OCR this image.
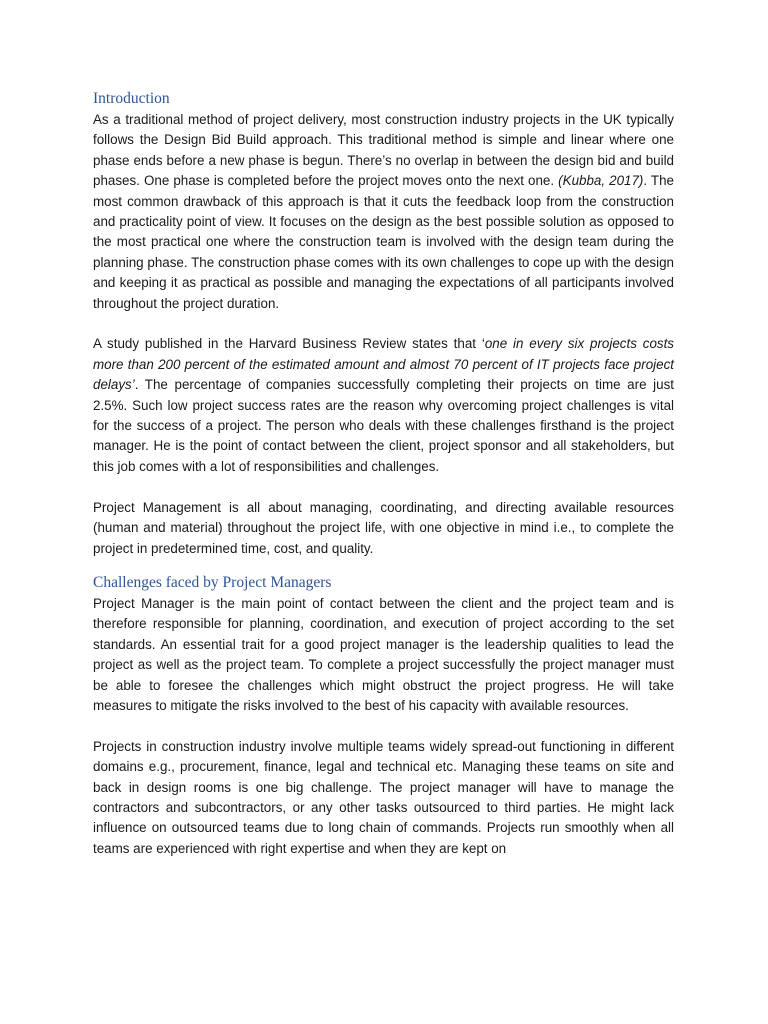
Introduction

As a traditional method of project delivery, most construction industry projects in the UK typically follows the Design Bid Build approach. This traditional method is simple and linear where one phase ends before a new phase is begun. There’s no overlap in between the design bid and build phases. One phase is completed before the project moves onto the next one. (Kubba, 2017). The most common drawback of this approach is that it cuts the feedback loop from the construction and practicality point of view. It focuses on the design as the best possible solution as opposed to the most practical one where the construction team is involved with the design team during the planning phase. The construction phase comes with its own challenges to cope up with the design and keeping it as practical as possible and managing the expectations of all participants involved throughout the project duration.

A study published in the Harvard Business Review states that ‘one in every six projects costs more than 200 percent of the estimated amount and almost 70 percent of IT projects face project delays’. The percentage of companies successfully completing their projects on time are just 2.5%. Such low project success rates are the reason why overcoming project challenges is vital for the success of a project. The person who deals with these challenges firsthand is the project manager. He is the point of contact between the client, project sponsor and all stakeholders, but this job comes with a lot of responsibilities and challenges.

Project Management is all about managing, coordinating, and directing available resources (human and material) throughout the project life, with one objective in mind i.e., to complete the project in predetermined time, cost, and quality.

Challenges faced by Project Managers

Project Manager is the main point of contact between the client and the project team and is therefore responsible for planning, coordination, and execution of project according to the set standards. An essential trait for a good project manager is the leadership qualities to lead the project as well as the project team. To complete a project successfully the project manager must be able to foresee the challenges which might obstruct the project progress. He will take measures to mitigate the risks involved to the best of his capacity with available resources.

Projects in construction industry involve multiple teams widely spread-out functioning in different domains e.g., procurement, finance, legal and technical etc. Managing these teams on site and back in design rooms is one big challenge. The project manager will have to manage the contractors and subcontractors, or any other tasks outsourced to third parties. He might lack influence on outsourced teams due to long chain of commands. Projects run smoothly when all teams are experienced with right expertise and when they are kept on
